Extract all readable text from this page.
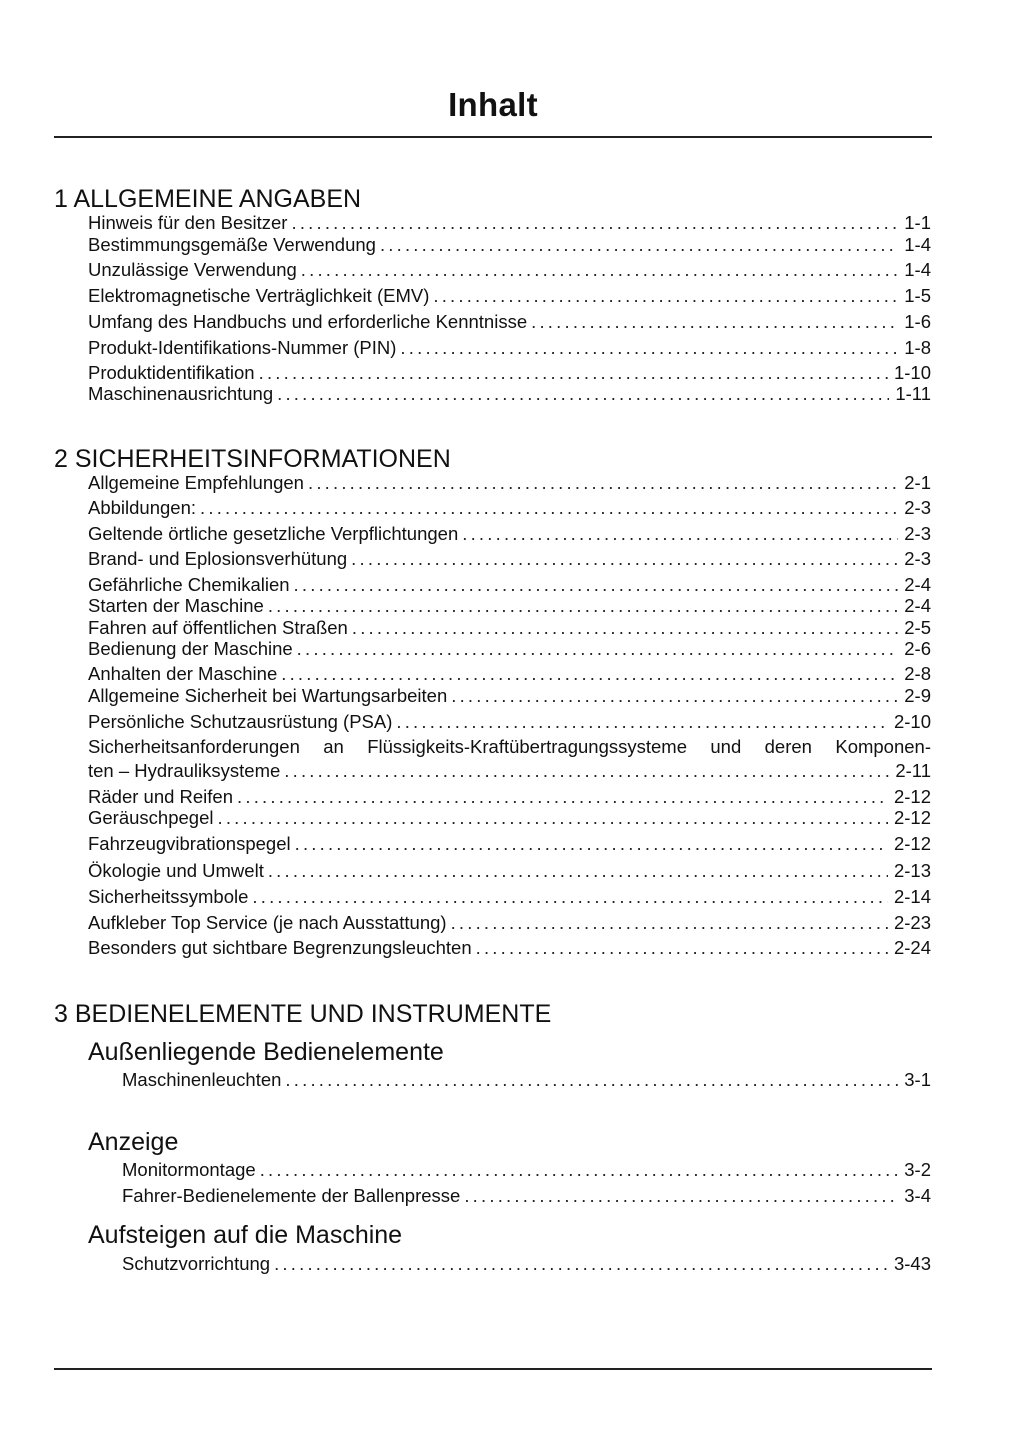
Inhalt
1 ALLGEMEINE ANGABEN
Hinweis für den Besitzer .....	1-1
Bestimmungsgemäße Verwendung .....	1-4
Unzulässige Verwendung .....	1-4
Elektromagnetische Verträglichkeit (EMV) .....	1-5
Umfang des Handbuchs und erforderliche Kenntnisse .....	1-6
Produkt-Identifikations-Nummer (PIN) .....	1-8
Produktidentifikation .....	1-10
Maschinenausrichtung .....	1-11
2 SICHERHEITSINFORMATIONEN
Allgemeine Empfehlungen .....	2-1
Abbildungen: .....	2-3
Geltende örtliche gesetzliche Verpflichtungen .....	2-3
Brand- und Eplosionsverhütung .....	2-3
Gefährliche Chemikalien .....	2-4
Starten der Maschine .....	2-4
Fahren auf öffentlichen Straßen .....	2-5
Bedienung der Maschine .....	2-6
Anhalten der Maschine .....	2-8
Allgemeine Sicherheit bei Wartungsarbeiten .....	2-9
Persönliche Schutzausrüstung (PSA) .....	2-10
Sicherheitsanforderungen an Flüssigkeits-Kraftübertragungssysteme und deren Komponen-
ten – Hydrauliksysteme .....	2-11
Räder und Reifen .....	2-12
Geräuschpegel .....	2-12
Fahrzeugvibrationspegel .....	2-12
Ökologie und Umwelt .....	2-13
Sicherheitssymbole .....	2-14
Aufkleber Top Service (je nach Ausstattung) .....	2-23
Besonders gut sichtbare Begrenzungsleuchten .....	2-24
3 BEDIENELEMENTE UND INSTRUMENTE
Außenliegende Bedienelemente
Maschinenleuchten .....	3-1
Anzeige
Monitormontage .....	3-2
Fahrer-Bedienelemente der Ballenpresse .....	3-4
Aufsteigen auf die Maschine
Schutzvorrichtung .....	3-43
